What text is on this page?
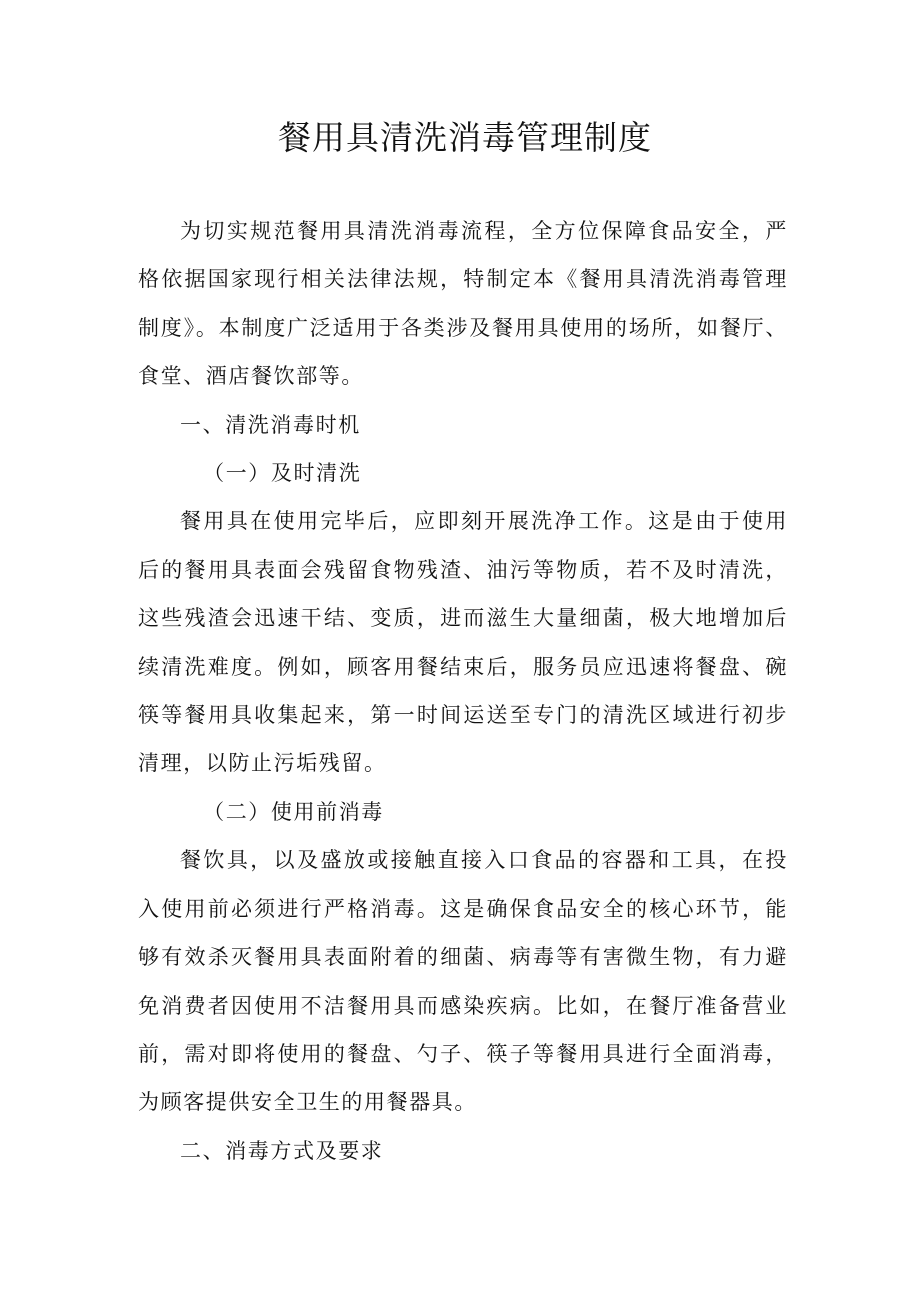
餐用具清洗消毒管理制度

为切实规范餐用具清洗消毒流程，全方位保障食品安全，严格依据国家现行相关法律法规，特制定本《餐用具清洗消毒管理制度》。本制度广泛适用于各类涉及餐用具使用的场所，如餐厅、食堂、酒店餐饮部等。

一、清洗消毒时机

（一）及时清洗

餐用具在使用完毕后，应即刻开展洗净工作。这是由于使用后的餐用具表面会残留食物残渣、油污等物质，若不及时清洗，这些残渣会迅速干结、变质，进而滋生大量细菌，极大地增加后续清洗难度。例如，顾客用餐结束后，服务员应迅速将餐盘、碗筷等餐用具收集起来，第一时间运送至专门的清洗区域进行初步清理，以防止污垢残留。

（二）使用前消毒

餐饮具，以及盛放或接触直接入口食品的容器和工具，在投入使用前必须进行严格消毒。这是确保食品安全的核心环节，能够有效杀灭餐用具表面附着的细菌、病毒等有害微生物，有力避免消费者因使用不洁餐用具而感染疾病。比如，在餐厅准备营业前，需对即将使用的餐盘、勺子、筷子等餐用具进行全面消毒，为顾客提供安全卫生的用餐器具。

二、消毒方式及要求
